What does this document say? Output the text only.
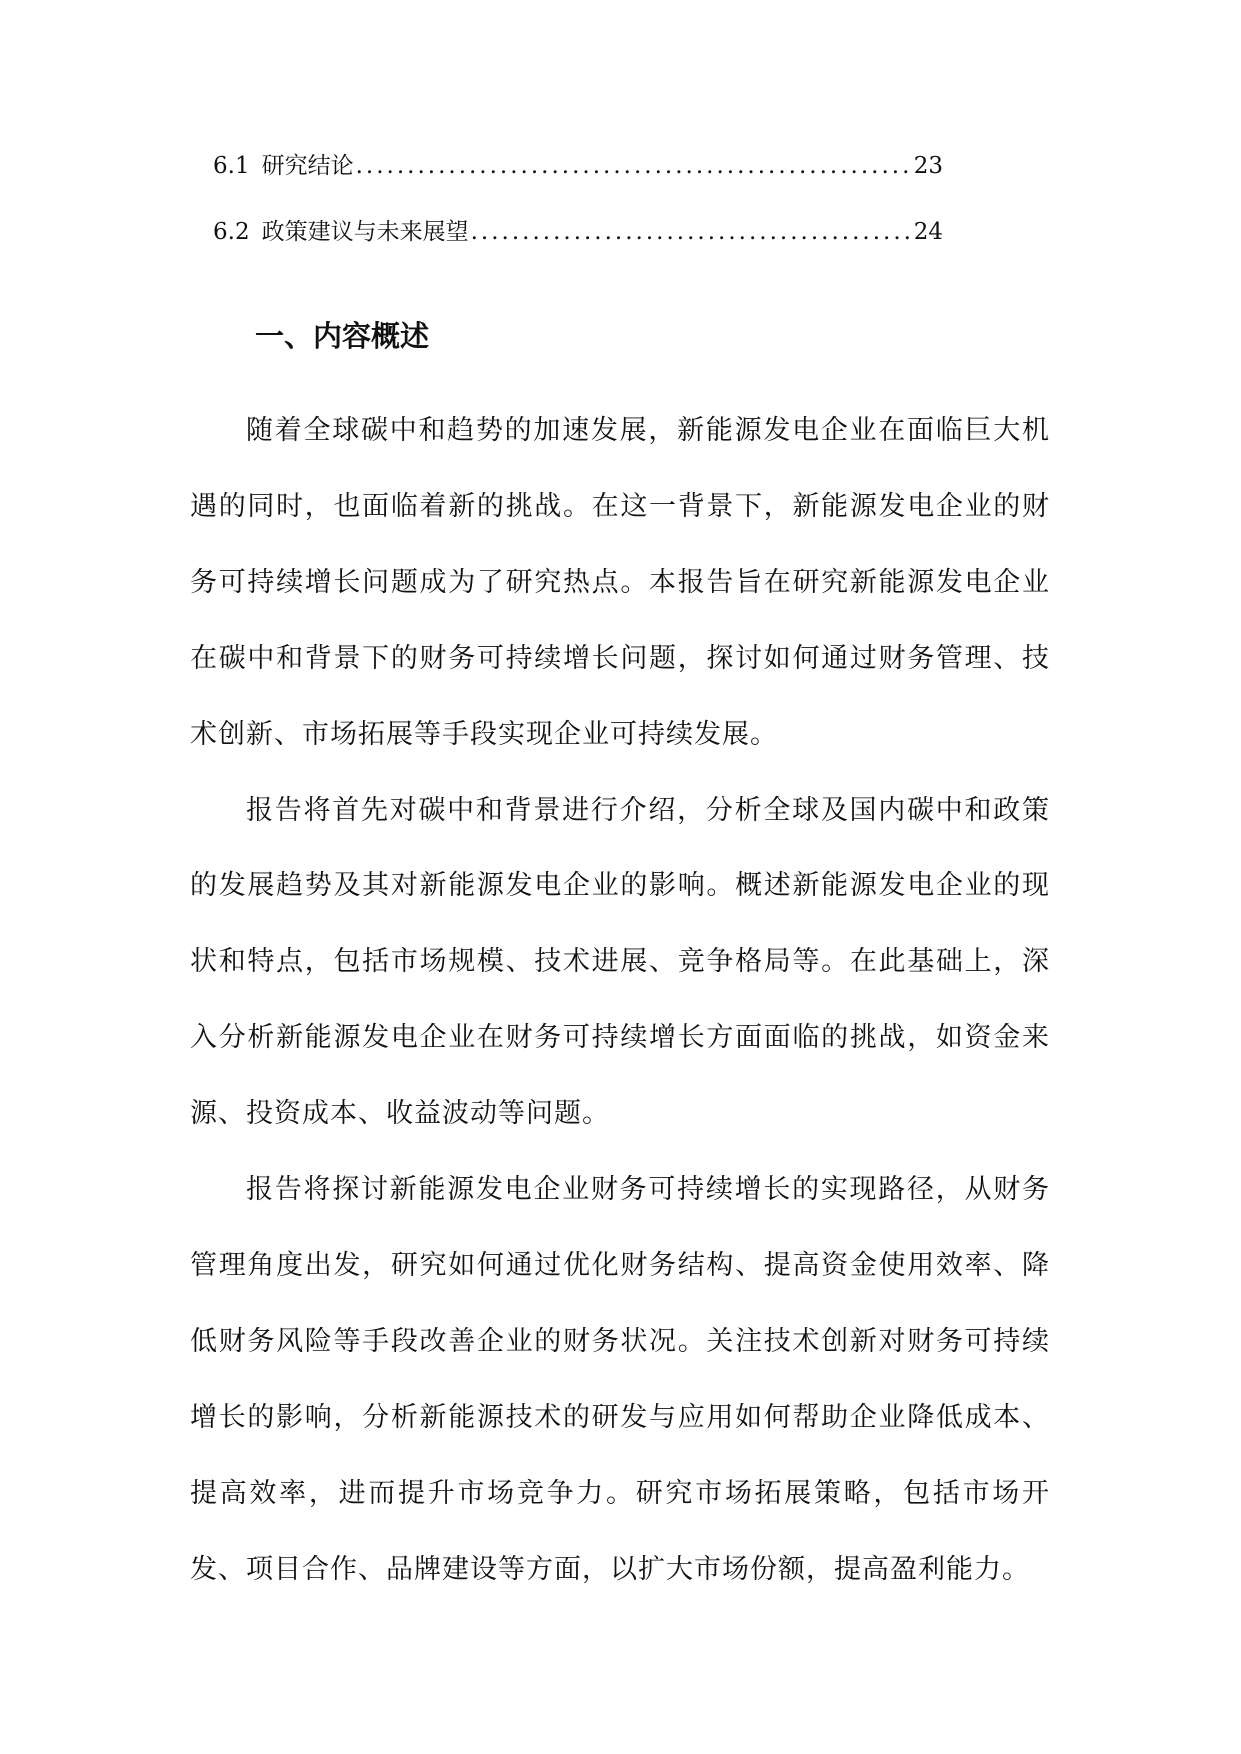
6.1 研究结论 .....	23
6.2 政策建议与未来展望 .....	24
一、内容概述

随着全球碳中和趋势的加速发展，新能源发电企业在面临巨大机遇的同时，也面临着新的挑战。在这一背景下，新能源发电企业的财务可持续增长问题成为了研究热点。本报告旨在研究新能源发电企业在碳中和背景下的财务可持续增长问题，探讨如何通过财务管理、技术创新、市场拓展等手段实现企业可持续发展。

报告将首先对碳中和背景进行介绍，分析全球及国内碳中和政策的发展趋势及其对新能源发电企业的影响。概述新能源发电企业的现状和特点，包括市场规模、技术进展、竞争格局等。在此基础上，深入分析新能源发电企业在财务可持续增长方面面临的挑战，如资金来源、投资成本、收益波动等问题。

报告将探讨新能源发电企业财务可持续增长的实现路径，从财务管理角度出发，研究如何通过优化财务结构、提高资金使用效率、降低财务风险等手段改善企业的财务状况。关注技术创新对财务可持续增长的影响，分析新能源技术的研发与应用如何帮助企业降低成本、提高效率，进而提升市场竞争力。研究市场拓展策略，包括市场开发、项目合作、品牌建设等方面，以扩大市场份额，提高盈利能力。
